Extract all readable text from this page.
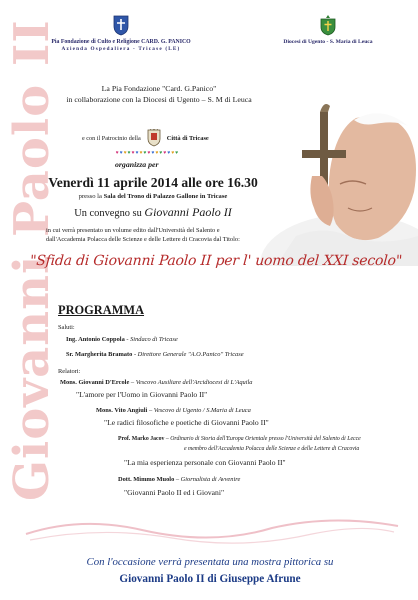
Giovanni Paolo II
Pia Fondazione di Culto e Religione CARD. G. PANICO
Azienda Ospedaliera - Tricase (LE)
Diocesi di Ugento - S. Maria di Leuca
La Pia Fondazione "Card. G.Panico"
in collaborazione con la Diocesi di Ugento – S. M di Leuca
e con il Patrocinio della	Città di Tricase
♥ ♥ ♥ ♥ ♥ ♥ ♥ ♥ ♥ ♥ ♥ ♥ ♥ ♥ ♥ ♥
organizza per
Venerdì 11 aprile 2014 alle ore 16.30
presso la Sala del Trono di Palazzo Gallone in Tricase
Un convegno su Giovanni Paolo II
in cui verrà presentato un volume edito dall'Università del Salento e
dall'Accademia Polacca delle Scienze e delle Lettere di Cracovia dal Titolo:
"Sfida di Giovanni Paolo II per l' uomo del XXI secolo"
PROGRAMMA
Saluti:
Ing. Antonio Coppola - Sindaco di Tricase
Sr. Margherita Bramato - Direttore Generale "A.O.Panico" Tricase
Relatori:
Mons. Giovanni D'Ercole – Vescovo Ausiliare dell'Arcidiocesi di L'Aquila
"L'amore per l'Uomo in Giovanni Paolo II"
Mons. Vito Angiuli – Vescovo di Ugento / S.Maria di Leuca
"Le radici filosofiche e poetiche di Giovanni Paolo II"
Prof. Marko Jacov – Ordinario di Storia dell'Europa Orientale presso l'Università del Salento di Lecce
e membro dell'Accademia Polacca delle Scienze e delle Lettere di Cracovia
"La mia esperienza personale con Giovanni Paolo II"
Dott. Mimmo Muolo – Giornalista di Avvenire
"Giovanni Paolo II ed i Giovani"
Con l'occasione verrà presentata una mostra pittorica su
Giovanni Paolo II di Giuseppe Afrune
